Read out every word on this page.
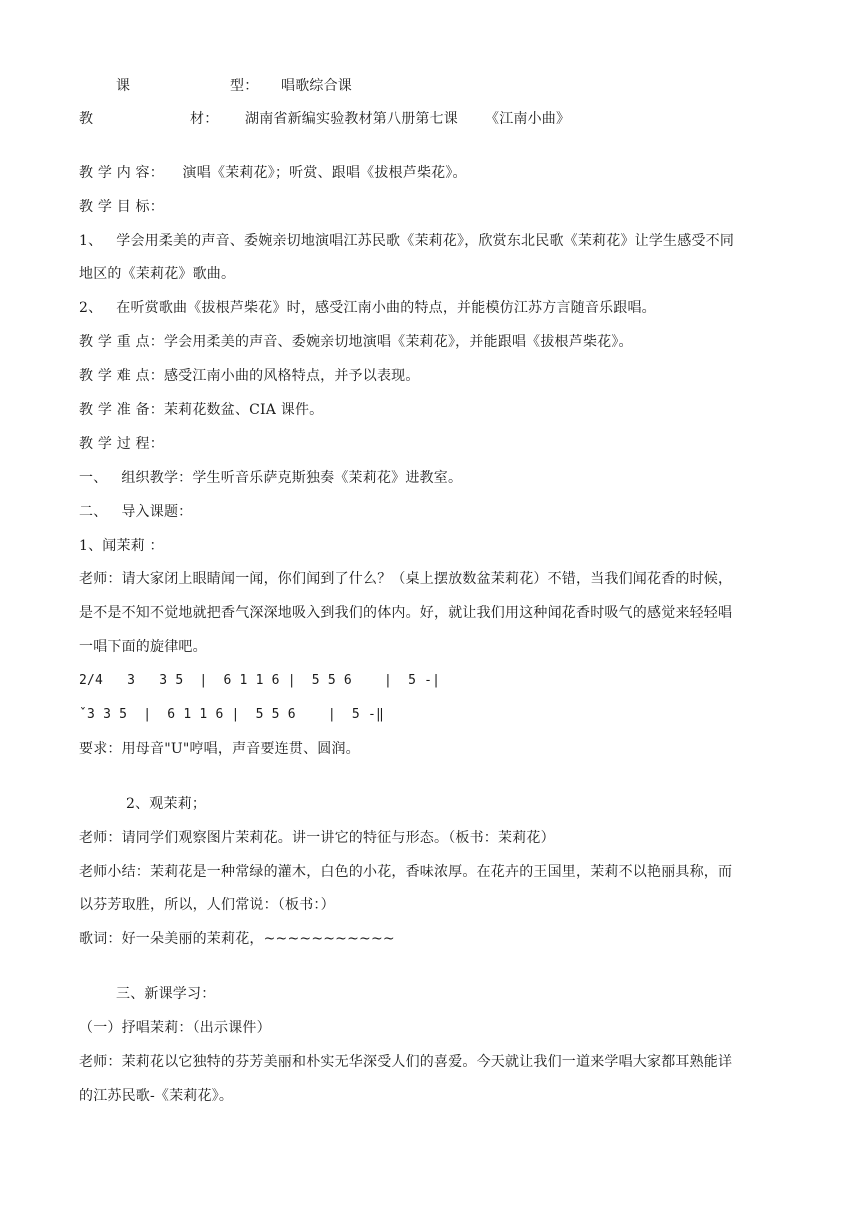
课	型： 唱歌综合课
教	材： 湖南省新编实验教材第八册第七课 《江南小曲》
教 学 内 容：    演唱《茉莉花》；听赏、跟唱《拔根芦柴花》。
教 学 目 标：
1、   学会用柔美的声音、委婉亲切地演唱江苏民歌《茉莉花》，欣赏东北民歌《茉莉花》让学生感受不同
地区的《茉莉花》歌曲。
2、   在听赏歌曲《拔根芦柴花》时，感受江南小曲的特点，并能模仿江苏方言随音乐跟唱。
教 学 重 点：学会用柔美的声音、委婉亲切地演唱《茉莉花》，并能跟唱《拔根芦柴花》。
教 学 难 点：感受江南小曲的风格特点，并予以表现。
教 学 准 备：茉莉花数盆、CIA 课件。
教 学 过 程：
一、   组织教学：学生听音乐萨克斯独奏《茉莉花》进教室。
二、   导入课题：
1、闻茉莉 ：
老师：请大家闭上眼睛闻一闻，你们闻到了什么？（桌上摆放数盆茉莉花）不错，当我们闻花香的时候，
是不是不知不觉地就把香气深深地吸入到我们的体内。好，就让我们用这种闻花香时吸气的感觉来轻轻唱
一唱下面的旋律吧。
2/4   3   3 5  |  6 1 1 6 |  5 5 6    |  5 -|
ˇ3 3 5  |  6 1 1 6 |  5 5 6    |  5 -‖
要求：用母音"U"哼唱，声音要连贯、圆润。
2、观茉莉；
老师：请同学们观察图片茉莉花。讲一讲它的特征与形态。（板书：茉莉花）
老师小结：茉莉花是一种常绿的灌木，白色的小花，香味浓厚。在花卉的王国里，茉莉不以艳丽具称，而
以芬芳取胜，所以，人们常说：（板书：）
歌词：好一朵美丽的茉莉花，~~~~~~~~~~~
三、新课学习：
（一）抒唱茉莉：（出示课件）
老师：茉莉花以它独特的芬芳美丽和朴实无华深受人们的喜爱。今天就让我们一道来学唱大家都耳熟能详
的江苏民歌-《茉莉花》。
